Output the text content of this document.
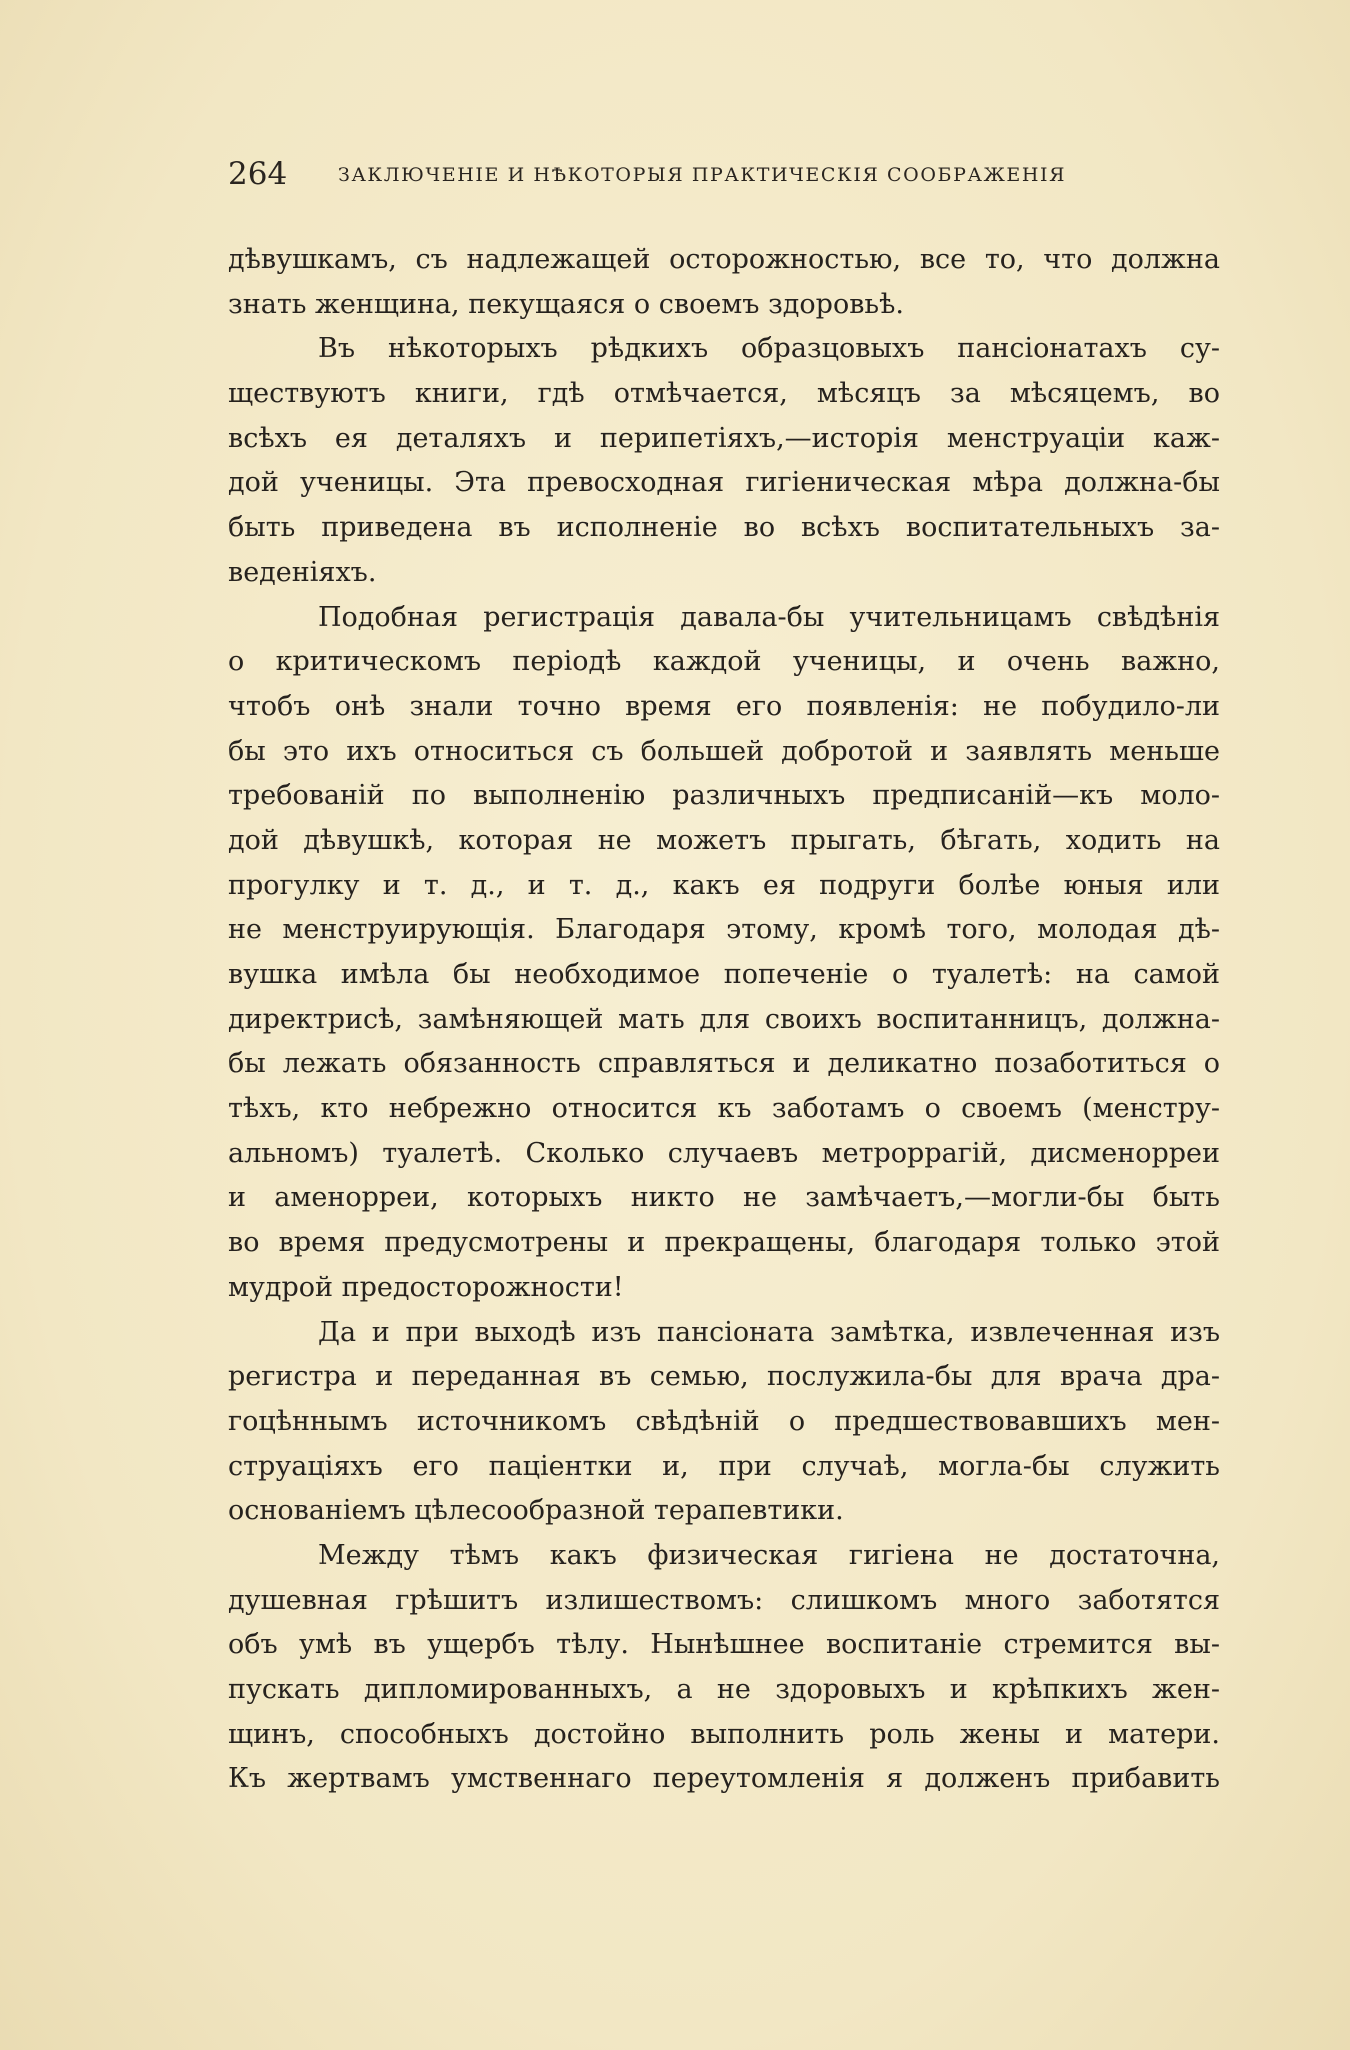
264	ЗАКЛЮЧЕНІЕ И НѢКОТОРЫЯ ПРАКТИЧЕСКІЯ СООБРАЖЕНІЯ
дѣвушкамъ, съ надлежащей осторожностью, все то, что должна
знать женщина, пекущаяся о своемъ здоровьѣ.
Въ нѣкоторыхъ рѣдкихъ образцовыхъ пансіонатахъ су-
ществуютъ книги, гдѣ отмѣчается, мѣсяцъ за мѣсяцемъ, во
всѣхъ ея деталяхъ и перипетіяхъ,—исторія менструаціи каж-
дой ученицы. Эта превосходная гигіеническая мѣра должна-бы
быть приведена въ исполненіе во всѣхъ воспитательныхъ за-
веденіяхъ.
Подобная регистрація давала-бы учительницамъ свѣдѣнія
о критическомъ періодѣ каждой ученицы, и очень важно,
чтобъ онѣ знали точно время его появленія: не побудило-ли
бы это ихъ относиться съ большей добротой и заявлять меньше
требованій по выполненію различныхъ предписаній—къ моло-
дой дѣвушкѣ, которая не можетъ прыгать, бѣгать, ходить на
прогулку и т. д., и т. д., какъ ея подруги болѣе юныя или
не менструирующія. Благодаря этому, кромѣ того, молодая дѣ-
вушка имѣла бы необходимое попеченіе о туалетѣ: на самой
директрисѣ, замѣняющей мать для своихъ воспитанницъ, должна-
бы лежать обязанность справляться и деликатно позаботиться о
тѣхъ, кто небрежно относится къ заботамъ о своемъ (менстру-
альномъ) туалетѣ. Сколько случаевъ метроррагій, дисменорреи
и аменорреи, которыхъ никто не замѣчаетъ,—могли-бы быть
во время предусмотрены и прекращены, благодаря только этой
мудрой предосторожности!
Да и при выходѣ изъ пансіоната замѣтка, извлеченная изъ
регистра и переданная въ семью, послужила-бы для врача дра-
гоцѣннымъ источникомъ свѣдѣній о предшествовавшихъ мен-
струаціяхъ его паціентки и, при случаѣ, могла-бы служить
основаніемъ цѣлесообразной терапевтики.
Между тѣмъ какъ физическая гигіена не достаточна,
душевная грѣшитъ излишествомъ: слишкомъ много заботятся
объ умѣ въ ущербъ тѣлу. Нынѣшнее воспитаніе стремится вы-
пускать дипломированныхъ, а не здоровыхъ и крѣпкихъ жен-
щинъ, способныхъ достойно выполнить роль жены и матери.
Къ жертвамъ умственнаго переутомленія я долженъ прибавить
